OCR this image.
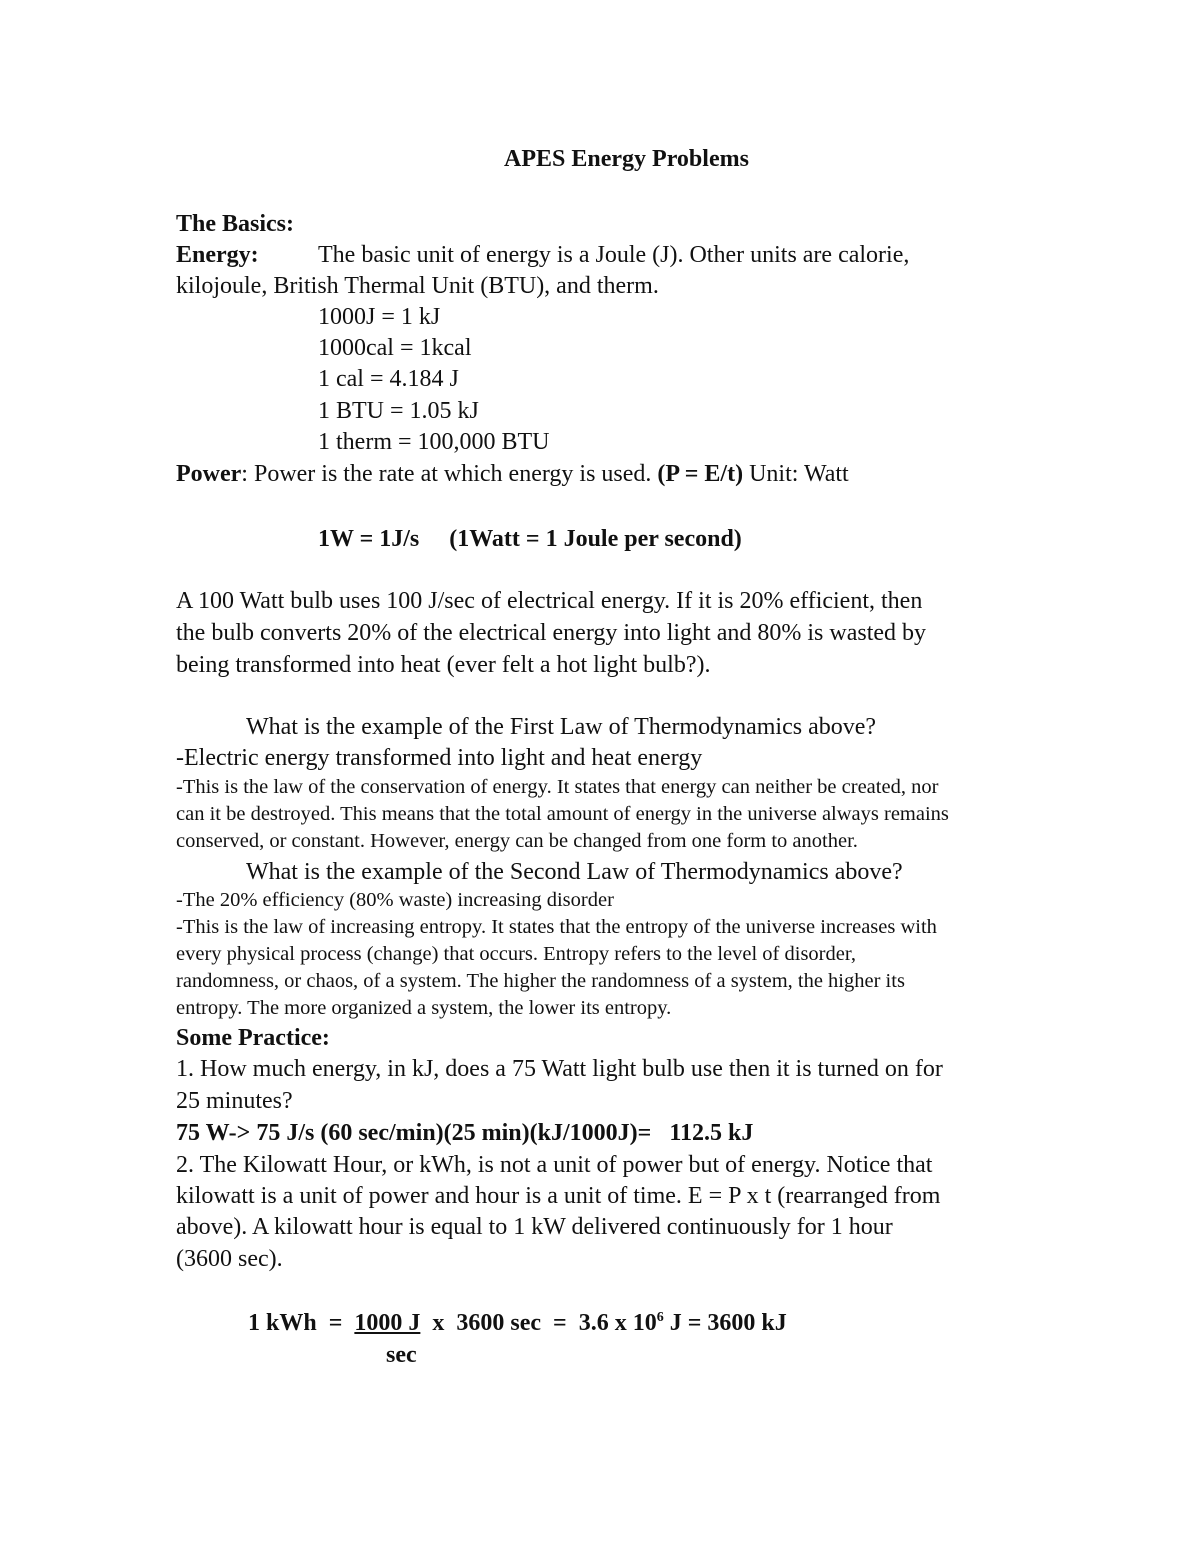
APES Energy Problems
The Basics:
Energy: The basic unit of energy is a Joule (J). Other units are calorie,
kilojoule, British Thermal Unit (BTU), and therm.
1000J = 1 kJ
1000cal = 1kcal
1 cal = 4.184 J
1 BTU = 1.05 kJ
1 therm = 100,000 BTU
Power: Power is the rate at which energy is used. (P = E/t) Unit: Watt
1W = 1J/s     (1Watt = 1 Joule per second)
A 100 Watt bulb uses 100 J/sec of electrical energy. If it is 20% efficient, then
the bulb converts 20% of the electrical energy into light and 80% is wasted by
being transformed into heat (ever felt a hot light bulb?).
What is the example of the First Law of Thermodynamics above?
-Electric energy transformed into light and heat energy
-This is the law of the conservation of energy. It states that energy can neither be created, nor
can it be destroyed. This means that the total amount of energy in the universe always remains
conserved, or constant. However, energy can be changed from one form to another.
What is the example of the Second Law of Thermodynamics above?
-The 20% efficiency (80% waste) increasing disorder
-This is the law of increasing entropy. It states that the entropy of the universe increases with
every physical process (change) that occurs. Entropy refers to the level of disorder,
randomness, or chaos, of a system. The higher the randomness of a system, the higher its
entropy. The more organized a system, the lower its entropy.
Some Practice:
1. How much energy, in kJ, does a 75 Watt light bulb use then it is turned on for
25 minutes?
75 W-> 75 J/s (60 sec/min)(25 min)(kJ/1000J)=   112.5 kJ
2. The Kilowatt Hour, or kWh, is not a unit of power but of energy. Notice that
kilowatt is a unit of power and hour is a unit of time. E = P x t (rearranged from
above). A kilowatt hour is equal to 1 kW delivered continuously for 1 hour
(3600 sec).
1 kWh  =  1000 J  x  3600 sec  =  3.6 x $10^6$ J = 3600 kJ
sec
